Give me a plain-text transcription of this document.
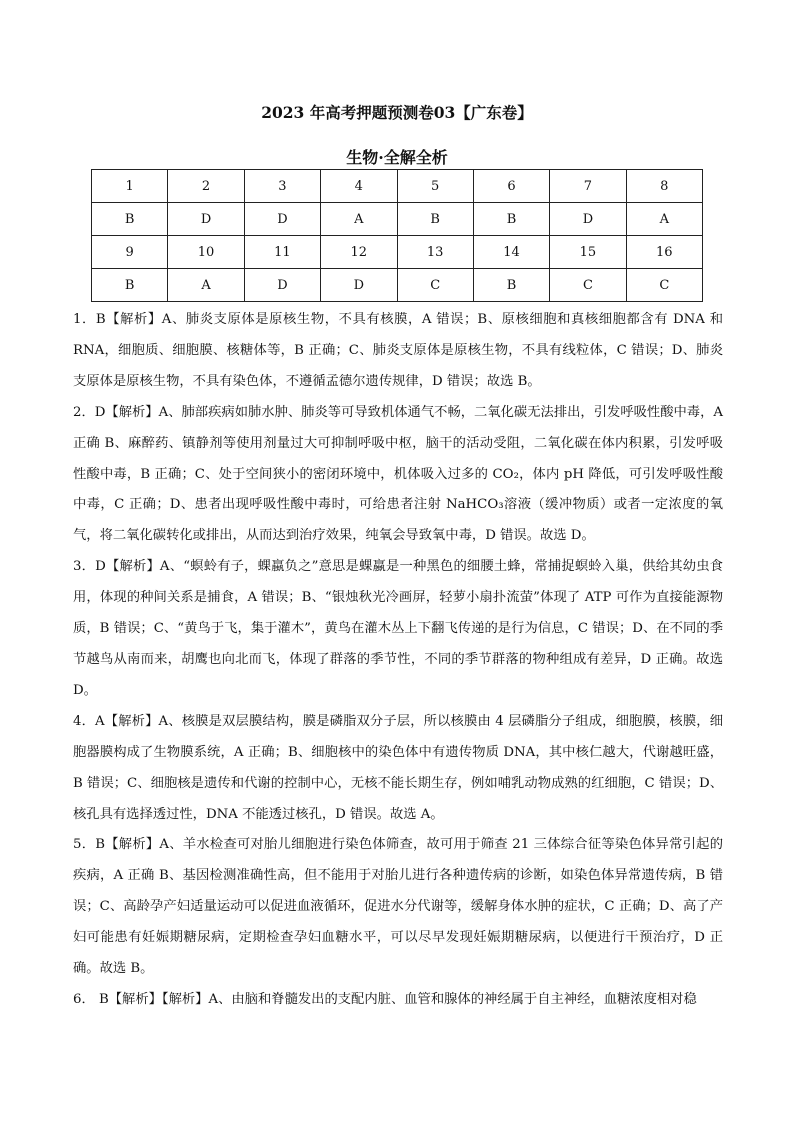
2023 年高考押题预测卷03【广东卷】
生物·全解全析
1	2	3	4	5	6	7	8
B	D	D	A	B	B	D	A
9	10	11	12	13	14	15	16
B	A	D	D	C	B	C	C

1．B【解析】A、肺炎支原体是原核生物，不具有核膜，A 错误；B、原核细胞和真核细胞都含有 DNA 和 RNA，细胞质、细胞膜、核糖体等，B 正确；C、肺炎支原体是原核生物，不具有线粒体，C 错误；D、肺炎支原体是原核生物，不具有染色体，不遵循孟德尔遗传规律，D 错误；故选 B。

2．D【解析】A、肺部疾病如肺水肿、肺炎等可导致机体通气不畅，二氧化碳无法排出，引发呼吸性酸中毒，A 正确 B、麻醉药、镇静剂等使用剂量过大可抑制呼吸中枢，脑干的活动受阻，二氧化碳在体内积累，引发呼吸性酸中毒，B 正确；C、处于空间狭小的密闭环境中，机体吸入过多的 CO₂，体内 pH 降低，可引发呼吸性酸中毒，C 正确；D、患者出现呼吸性酸中毒时，可给患者注射 NaHCO₃溶液（缓冲物质）或者一定浓度的氧气，将二氧化碳转化或排出，从而达到治疗效果，纯氧会导致氧中毒，D 错误。故选 D。

3．D【解析】A、“螟蛉有子，蜾蠃负之”意思是蜾蠃是一种黑色的细腰土蜂，常捕捉螟蛉入巢，供给其幼虫食用，体现的种间关系是捕食，A 错误；B、“银烛秋光冷画屏，轻萝小扇扑流萤”体现了 ATP 可作为直接能源物质，B 错误；C、“黄鸟于飞，集于灌木”，黄鸟在灌木丛上下翻飞传递的是行为信息，C 错误；D、在不同的季节越鸟从南而来，胡鹰也向北而飞，体现了群落的季节性，不同的季节群落的物种组成有差异，D 正确。故选 D。

4．A【解析】A、核膜是双层膜结构，膜是磷脂双分子层，所以核膜由 4 层磷脂分子组成，细胞膜，核膜，细胞器膜构成了生物膜系统，A 正确；B、细胞核中的染色体中有遗传物质 DNA，其中核仁越大，代谢越旺盛，B 错误；C、细胞核是遗传和代谢的控制中心，无核不能长期生存，例如哺乳动物成熟的红细胞，C 错误；D、核孔具有选择透过性，DNA 不能透过核孔，D 错误。故选 A。

5．B【解析】A、羊水检查可对胎儿细胞进行染色体筛查，故可用于筛查 21 三体综合征等染色体异常引起的疾病，A 正确 B、基因检测准确性高，但不能用于对胎儿进行各种遗传病的诊断，如染色体异常遗传病，B 错误；C、高龄孕产妇适量运动可以促进血液循环，促进水分代谢等，缓解身体水肿的症状，C 正确；D、高了产妇可能患有妊娠期糖尿病，定期检查孕妇血糖水平，可以尽早发现妊娠期糖尿病，以便进行干预治疗，D 正确。故选 B。

6． B【解析】【解析】A、由脑和脊髓发出的支配内脏、血管和腺体的神经属于自主神经，血糖浓度相对稳
